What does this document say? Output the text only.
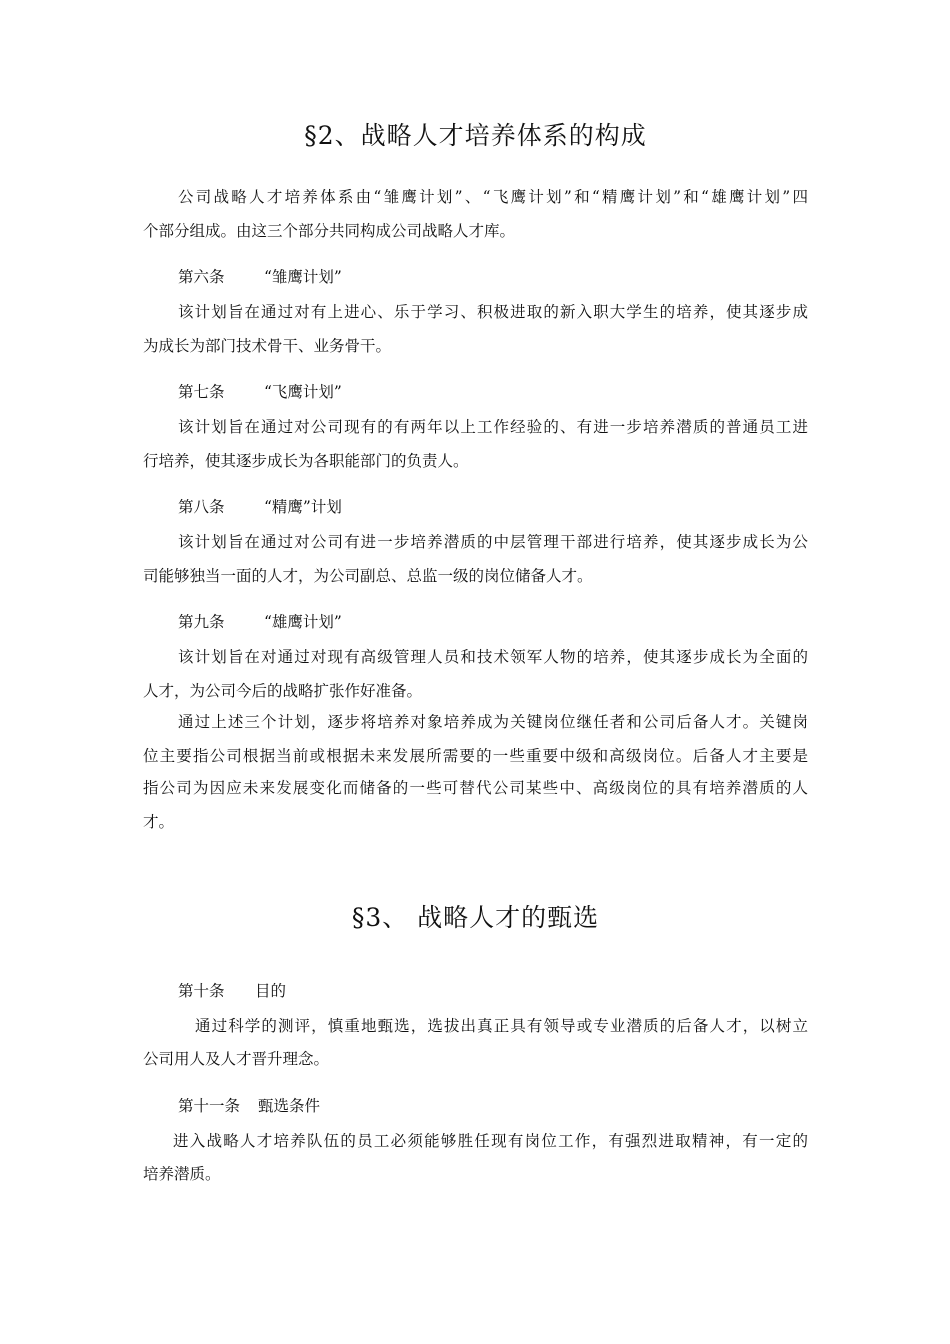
§2、战略人才培养体系的构成
公司战略人才培养体系由“雏鹰计划”、“飞鹰计划”和“精鹰计划”和“雄鹰计划”四
个部分组成。由这三个部分共同构成公司战略人才库。
第六条	“雏鹰计划”
该计划旨在通过对有上进心、乐于学习、积极进取的新入职大学生的培养，使其逐步成
为成长为部门技术骨干、业务骨干。
第七条	“飞鹰计划”
该计划旨在通过对公司现有的有两年以上工作经验的、有进一步培养潜质的普通员工进
行培养，使其逐步成长为各职能部门的负责人。
第八条	“精鹰”计划
该计划旨在通过对公司有进一步培养潜质的中层管理干部进行培养，使其逐步成长为公
司能够独当一面的人才，为公司副总、总监一级的岗位储备人才。
第九条	“雄鹰计划”
该计划旨在对通过对现有高级管理人员和技术领军人物的培养，使其逐步成长为全面的
人才，为公司今后的战略扩张作好准备。
通过上述三个计划，逐步将培养对象培养成为关键岗位继任者和公司后备人才。关键岗
位主要指公司根据当前或根据未来发展所需要的一些重要中级和高级岗位。后备人才主要是
指公司为因应未来发展变化而储备的一些可替代公司某些中、高级岗位的具有培养潜质的人
才。
§3、 战略人才的甄选
第十条 目的
通过科学的测评，慎重地甄选，选拔出真正具有领导或专业潜质的后备人才，以树立
公司用人及人才晋升理念。
第十一条 甄选条件
进入战略人才培养队伍的员工必须能够胜任现有岗位工作，有强烈进取精神，有一定的
培养潜质。
